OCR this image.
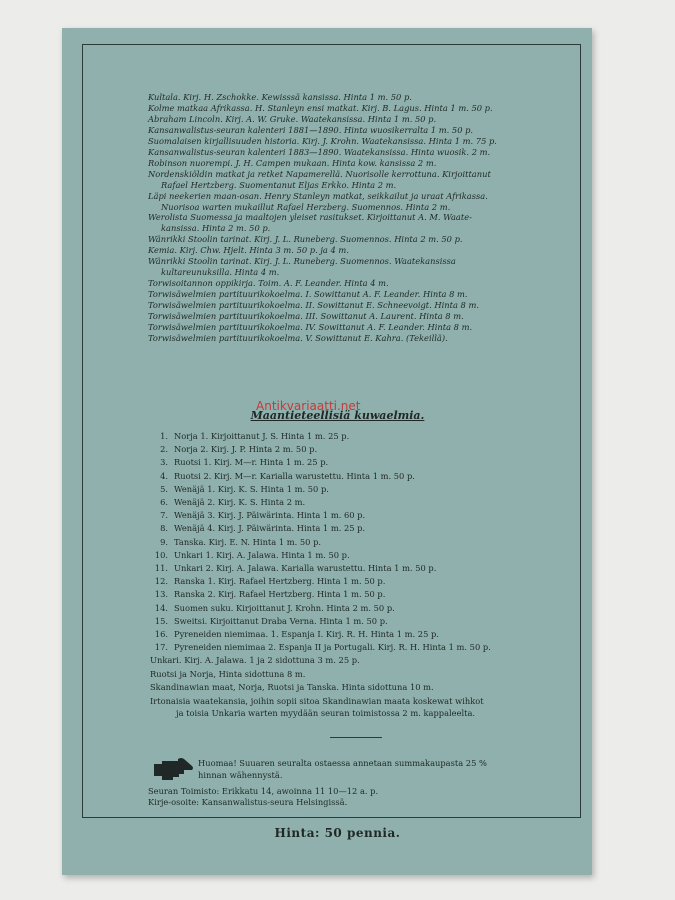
Kultala. Kirj. H. Zschokke. Kewisssä kansissa. Hinta 1 m. 50 p.
Kolme matkaa Afrikassa. H. Stanleyn ensi matkat. Kirj. B. Lagus. Hinta 1 m. 50 p.
Abraham Lincoln. Kirj. A. W. Gruke. Waatekansissa. Hinta 1 m. 50 p.
Kansanwalistus-seuran kalenteri 1881—1890. Hinta wuosikerralta 1 m. 50 p.
Suomalaisen kirjallisuuden historia. Kirj. J. Krohn. Waatekansissa. Hinta 1 m. 75 p.
Kansanwalistus-seuran kalenteri 1883—1890. Waatekansissa. Hinta wuosik. 2 m.
Robinson nuorempi. J. H. Campen mukaan. Hinta kow. kansissa 2 m.
Nordenskiöldin matkat ja retket Napamerellä. Nuorisolle kerrottuna. Kirjoittanut
Rafael Hertzberg. Suomentanut Eljas Erkko. Hinta 2 m.
Läpi neekerien maan-osan. Henry Stanleyn matkat, seikkailut ja uraat Afrikassa.
Nuorisoa warten mukaillut Rafael Herzberg. Suomennos. Hinta 2 m.
Werolista Suomessa ja maaltojen yleiset rasitukset. Kirjoittanut A. M. Waate-
kansissa. Hinta 2 m. 50 p.
Wänrikki Stoolin tarinat. Kirj. J. L. Runeberg. Suomennos. Hinta 2 m. 50 p.
Kemia. Kirj. Chw. Hjelt. Hinta 3 m. 50 p. ja 4 m.
Wänrikki Stoolin tarinat. Kirj. J. L. Runeberg. Suomennos. Waatekansissa
kultareunuksilla. Hinta 4 m.
Torwisoitannon oppikirja. Toim. A. F. Leander. Hinta 4 m.
Torwisäwelmien partituurikokoelma. I. Sowittanut A. F. Leander. Hinta 8 m.
Torwisäwelmien partituurikokoelma. II. Sowittanut E. Schneevoigt. Hinta 8 m.
Torwisäwelmien partituurikokoelma. III. Sowittanut A. Laurent. Hinta 8 m.
Torwisäwelmien partituurikokoelma. IV. Sowittanut A. F. Leander. Hinta 8 m.
Torwisäwelmien partituurikokoelma. V. Sowittanut E. Kahra. (Tekeillä).
Antikvariaatti.net
Maantieteellisiä kuwaelmia.
1. Norja 1. Kirjoittanut J. S. Hinta 1 m. 25 p.
2. Norja 2. Kirj. J. P. Hinta 2 m. 50 p.
3. Ruotsi 1. Kirj. M—r. Hinta 1 m. 25 p.
4. Ruotsi 2. Kirj. M—r. Karialla warustettu. Hinta 1 m. 50 p.
5. Wenäjä 1. Kirj. K. S. Hinta 1 m. 50 p.
6. Wenäjä 2. Kirj. K. S. Hinta 2 m.
7. Wenäjä 3. Kirj. J. Päiwärinta. Hinta 1 m. 60 p.
8. Wenäjä 4. Kirj. J. Päiwärinta. Hinta 1 m. 25 p.
9. Tanska. Kirj. E. N. Hinta 1 m. 50 p.
10. Unkari 1. Kirj. A. Jalawa. Hinta 1 m. 50 p.
11. Unkari 2. Kirj. A. Jalawa. Karialla warustettu. Hinta 1 m. 50 p.
12. Ranska 1. Kirj. Rafael Hertzberg. Hinta 1 m. 50 p.
13. Ranska 2. Kirj. Rafael Hertzberg. Hinta 1 m. 50 p.
14. Suomen suku. Kirjoittanut J. Krohn. Hinta 2 m. 50 p.
15. Sweitsi. Kirjoittanut Draba Verna. Hinta 1 m. 50 p.
16. Pyreneiden niemimaa. 1. Espanja I. Kirj. R. H. Hinta 1 m. 25 p.
17. Pyreneiden niemimaa 2. Espanja II ja Portugali. Kirj. R. H. Hinta 1 m. 50 p.
Unkari. Kirj. A. Jalawa. 1 ja 2 sidottuna 3 m. 25 p.
Ruotsi ja Norja, Hinta sidottuna 8 m.
Skandinawian maat, Norja, Ruotsi ja Tanska. Hinta sidottuna 10 m.
Irtonaisia waatekansia, joihin sopii sitoa Skandinawian maata koskewat wihkot
ja toisia Unkaria warten myydään seuran toimistossa 2 m. kappaleelta.
Huomaa! Suuaren seuralta ostaessa annetaan summakaupasta 25 %
hinnan wähennystä.
Seuran Toimisto: Erikkatu 14, awoinna 11 10—12 a. p.
Kirje-osoite: Kansanwalistus-seura Helsingissä.
Hinta: 50 pennia.
